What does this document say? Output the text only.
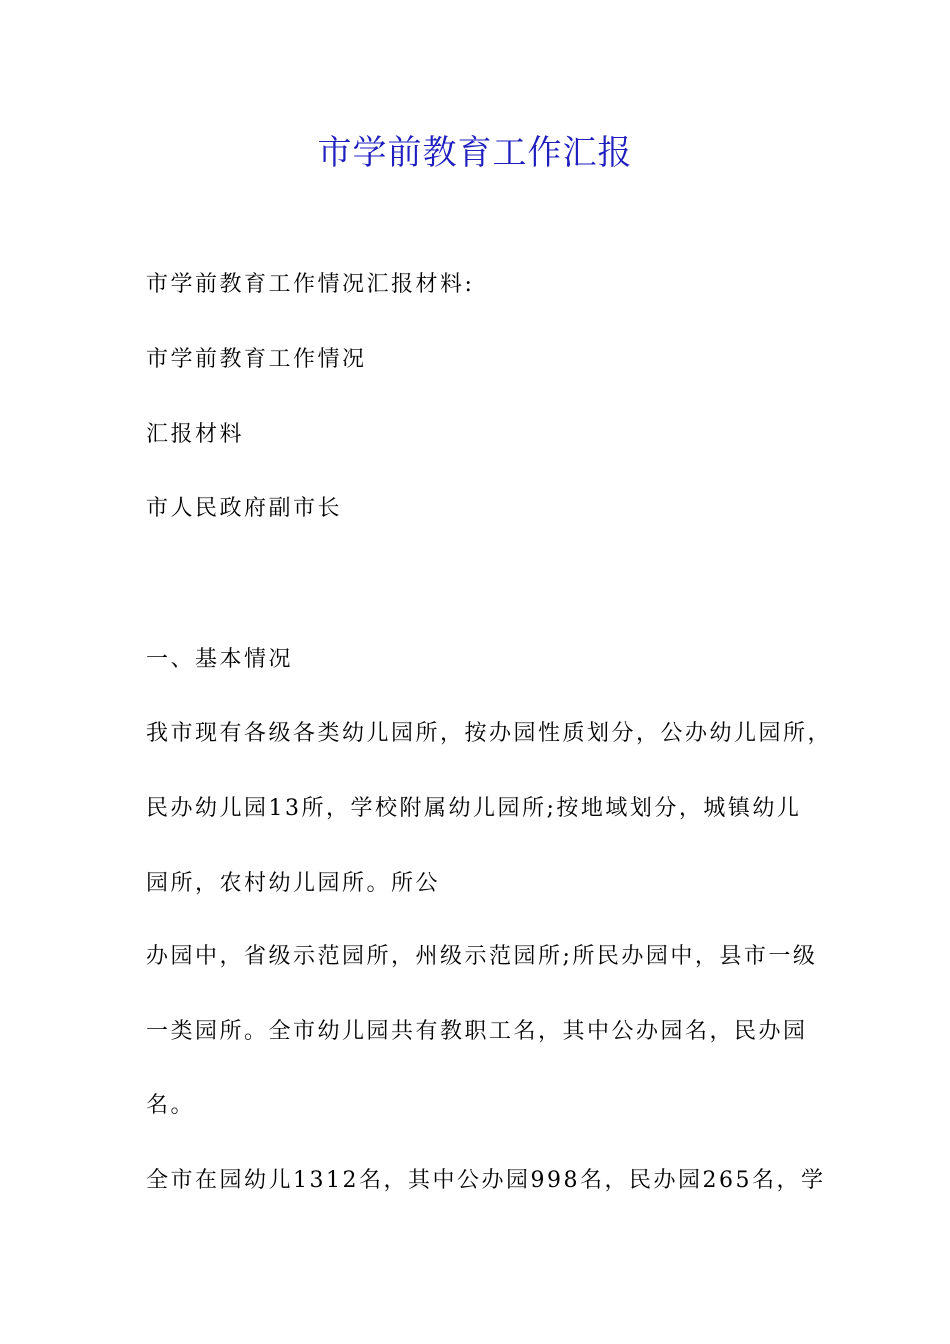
市学前教育工作汇报
市学前教育工作情况汇报材料:
市学前教育工作情况
汇报材料
市人民政府副市长
一、基本情况
我市现有各级各类幼儿园所，按办园性质划分，公办幼儿园所，
民办幼儿园13所，学校附属幼儿园所;按地域划分，城镇幼儿
园所，农村幼儿园所。所公
办园中，省级示范园所，州级示范园所;所民办园中，县市一级
一类园所。全市幼儿园共有教职工名，其中公办园名，民办园
名。
全市在园幼儿1312名，其中公办园998名，民办园265名，学
